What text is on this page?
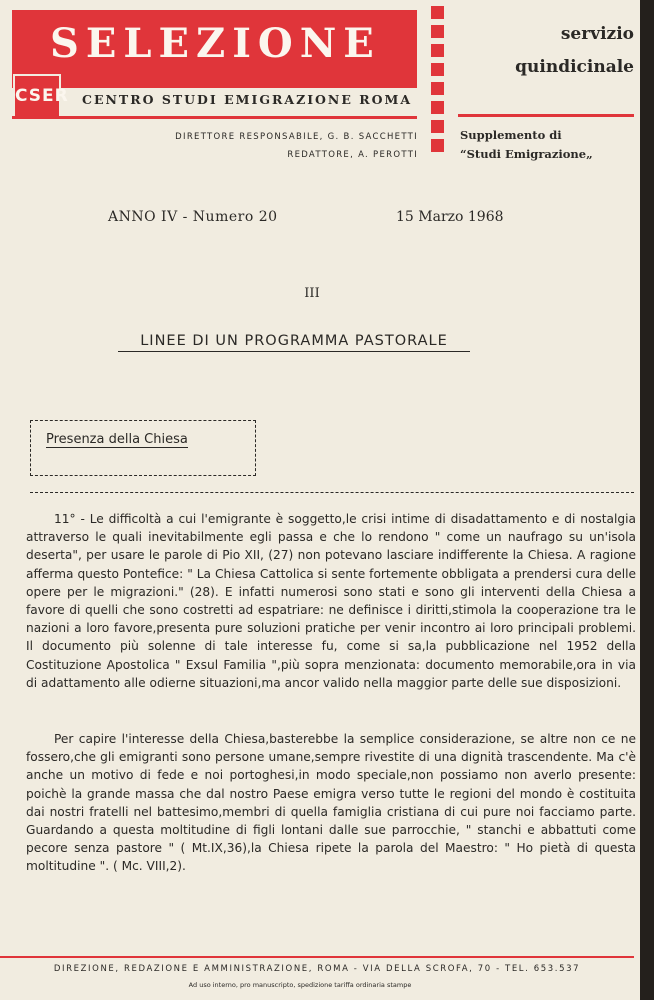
SELEZIONE
CSER CENTRO STUDI EMIGRAZIONE ROMA
servizio
quindicinale
DIRETTORE RESPONSABILE, G. B. SACCHETTI
REDATTORE, A. PEROTTI
Supplemento di
“Studi Emigrazione„
ANNO IV - Numero 20	15 Marzo 1968
III
LINEE DI UN PROGRAMMA PASTORALE
Presenza della Chiesa
11° - Le difficoltà a cui l'emigrante è soggetto,le crisi intime di disadattamento e di nostalgia attraverso le quali inevitabilmente egli passa e che lo rendono " come un naufrago su un'isola deserta", per usare le parole di Pio XII, (27) non potevano lasciare indifferente la Chiesa. A ragione afferma questo Pontefice: " La Chiesa Cattolica si sente fortemente obbligata a prendersi cura delle opere per le migrazioni." (28). E infatti numerosi sono stati e sono gli interventi della Chiesa a favore di quelli che sono costretti ad espatriare: ne definisce i diritti,stimola la cooperazione tra le nazioni a loro favore,presenta pure soluzioni pratiche per venir incontro ai loro principali problemi. Il documento più solenne di tale interesse fu, come si sa,la pubblicazione nel 1952 della Costituzione Apostolica " Exsul Familia ",più sopra menzionata: documento memorabile,ora in via di adattamento alle odierne situazioni,ma ancor valido nella maggior parte delle sue disposizioni.
Per capire l'interesse della Chiesa,basterebbe la semplice considerazione, se altre non ce ne fossero,che gli emigranti sono persone umane,sempre rivestite di una dignità trascendente. Ma c'è anche un motivo di fede e noi portoghesi,in modo speciale,non possiamo non averlo presente: poichè la grande massa che dal nostro Paese emigra verso tutte le regioni del mondo è costituita dai nostri fratelli nel battesimo,membri di quella famiglia cristiana di cui pure noi facciamo parte. Guardando a questa moltitudine di figli lontani dalle sue parrocchie, " stanchi e abbattuti come pecore senza pastore " ( Mt.IX,36),la Chiesa ripete la parola del Maestro: " Ho pietà di questa moltitudine ". ( Mc. VIII,2).
DIREZIONE, REDAZIONE E AMMINISTRAZIONE, ROMA - VIA DELLA SCROFA, 70 - TEL. 653.537
Ad uso interno, pro manuscripto, spedizione tariffa ordinaria stampe
